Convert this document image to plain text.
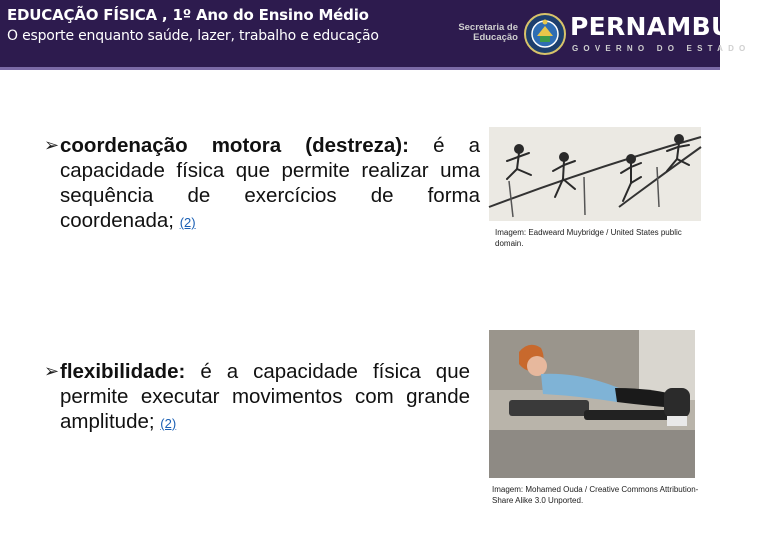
EDUCAÇÃO FÍSICA , 1º Ano do Ensino Médio
O esporte enquanto saúde, lazer, trabalho e educação
Secretaria de Educação PERNAMBUCO
GOVERNO DO ESTADO
➢ coordenação motora (destreza): é a capacidade física que permite realizar uma sequência de exercícios de forma coordenada; (2)
Imagem: Eadweard Muybridge / United States public domain.
➢ flexibilidade: é a capacidade física que permite executar movimentos com grande amplitude; (2)
Imagem: Mohamed Ouda / Creative Commons Attribution-Share Alike 3.0 Unported.
